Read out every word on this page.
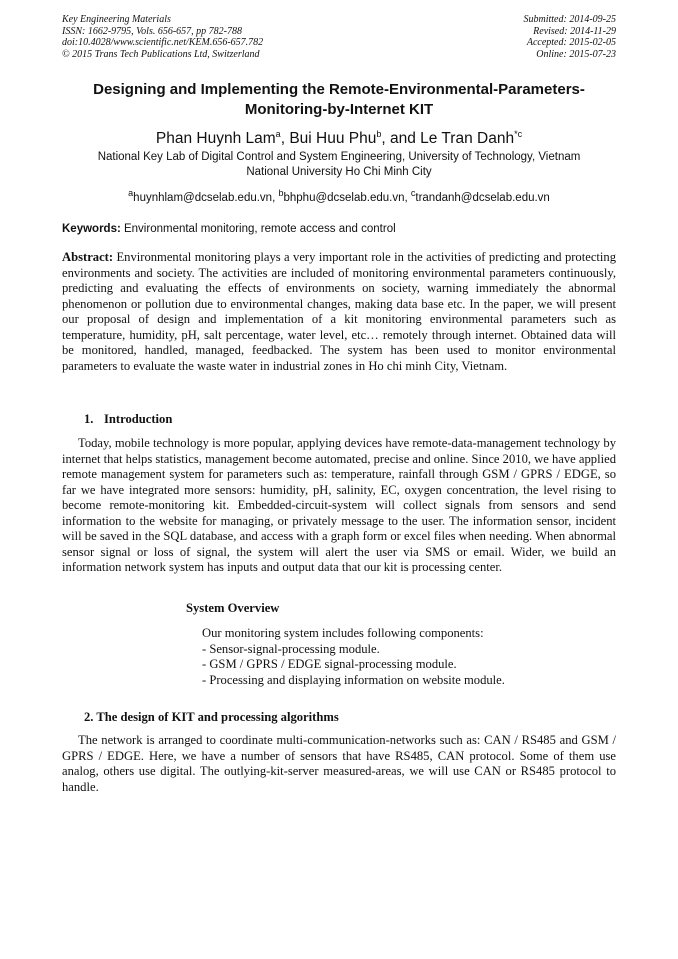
Key Engineering Materials
ISSN: 1662-9795, Vols. 656-657, pp 782-788
doi:10.4028/www.scientific.net/KEM.656-657.782
© 2015 Trans Tech Publications Ltd, Switzerland
Submitted: 2014-09-25
Revised: 2014-11-29
Accepted: 2015-02-05
Online: 2015-07-23
Designing and Implementing the Remote-Environmental-Parameters-
Monitoring-by-Internet KIT
Phan Huynh Lam$^a$, Bui Huu Phu$^b$, and Le Tran Danh$^{*c}$
National Key Lab of Digital Control and System Engineering, University of Technology, Vietnam
National University Ho Chi Minh City
$^a$huynhlam@dcselab.edu.vn, $^b$bhphu@dcselab.edu.vn, $^c$trandanh@dcselab.edu.vn
Keywords: Environmental monitoring, remote access and control
Abstract: Environmental monitoring plays a very important role in the activities of predicting and protecting environments and society. The activities are included of monitoring environmental parameters continuously, predicting and evaluating the effects of environments on society, warning immediately the abnormal phenomenon or pollution due to environmental changes, making data base etc. In the paper, we will present our proposal of design and implementation of a kit monitoring environmental parameters such as temperature, humidity, pH, salt percentage, water level, etc… remotely through internet. Obtained data will be monitored, handled, managed, feedbacked. The system has been used to monitor environmental parameters to evaluate the waste water in industrial zones in Ho chi minh City, Vietnam.
1. Introduction
Today, mobile technology is more popular, applying devices have remote-data-management technology by internet that helps statistics, management become automated, precise and online. Since 2010, we have applied remote management system for parameters such as: temperature, rainfall through GSM / GPRS / EDGE, so far we have integrated more sensors: humidity, pH, salinity, EC, oxygen concentration, the level rising to become remote-monitoring kit. Embedded-circuit-system will collect signals from sensors and send information to the website for managing, or privately message to the user. The information sensor, incident will be saved in the SQL database, and access with a graph form or excel files when needing. When abnormal sensor signal or loss of signal, the system will alert the user via SMS or email. Wider, we build an information network system has inputs and output data that our kit is processing center.
System Overview
Our monitoring system includes following components:
- Sensor-signal-processing module.
- GSM / GPRS / EDGE signal-processing module.
- Processing and displaying information on website module.
2. The design of KIT and processing algorithms
The network is arranged to coordinate multi-communication-networks such as: CAN / RS485 and GSM / GPRS / EDGE. Here, we have a number of sensors that have RS485, CAN protocol. Some of them use analog, others use digital. The outlying-kit-server measured-areas, we will use CAN or RS485 protocol to handle.
